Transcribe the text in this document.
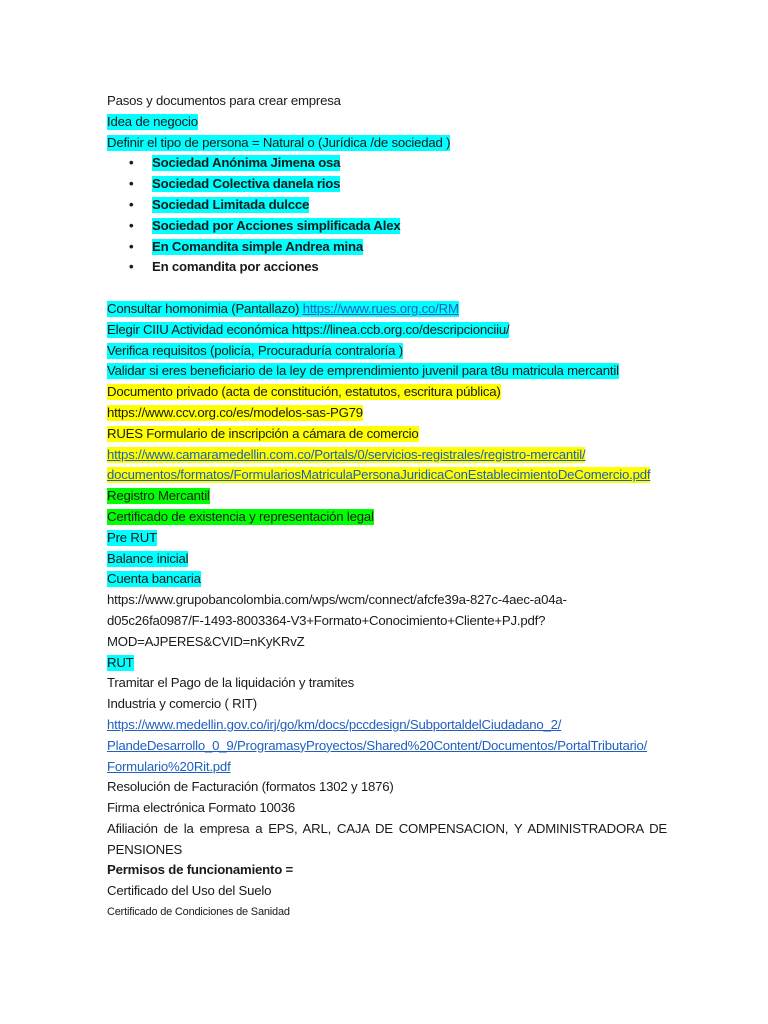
Pasos y documentos para crear empresa
Idea de negocio
Definir el tipo de persona = Natural o (Jurídica /de sociedad )
• Sociedad Anónima Jimena osa
• Sociedad Colectiva danela rios
• Sociedad Limitada dulcce
• Sociedad por Acciones simplificada Alex
• En Comandita simple Andrea mina
• En comandita por acciones
Consultar homonimia (Pantallazo) https://www.rues.org.co/RM
Elegir CIIU Actividad económica https://linea.ccb.org.co/descripcionciiu/
Verifica requisitos (policía, Procuraduría contraloría )
Validar si eres beneficiario de la ley de emprendimiento juvenil para t8u matricula mercantil
Documento privado (acta de constitución, estatutos, escritura pública)
https://www.ccv.org.co/es/modelos-sas-PG79
RUES Formulario de inscripción a cámara de comercio
https://www.camaramedellin.com.co/Portals/0/servicios-registrales/registro-mercantil/
documentos/formatos/FormulariosMatriculaPersonaJuridicaConEstablecimientoDeComercio.pdf
Registro Mercantil
Certificado de existencia y representación legal
Pre RUT
Balance inicial
Cuenta bancaria
https://www.grupobancolombia.com/wps/wcm/connect/afcfe39a-827c-4aec-a04a-
d05c26fa0987/F-1493-8003364-V3+Formato+Conocimiento+Cliente+PJ.pdf?
MOD=AJPERES&CVID=nKyKRvZ
RUT
Tramitar el Pago de la liquidación y tramites
Industria y comercio ( RIT)
https://www.medellin.gov.co/irj/go/km/docs/pccdesign/SubportaldelCiudadano_2/
PlandeDesarrollo_0_9/ProgramasyProyectos/Shared%20Content/Documentos/PortalTributario/
Formulario%20Rit.pdf
Resolución de Facturación (formatos 1302 y 1876)
Firma electrónica Formato 10036
Afiliación de la empresa a EPS, ARL, CAJA DE COMPENSACION, Y ADMINISTRADORA DE
PENSIONES
Permisos de funcionamiento =
Certificado del Uso del Suelo
Certificado de Condiciones de Sanidad
